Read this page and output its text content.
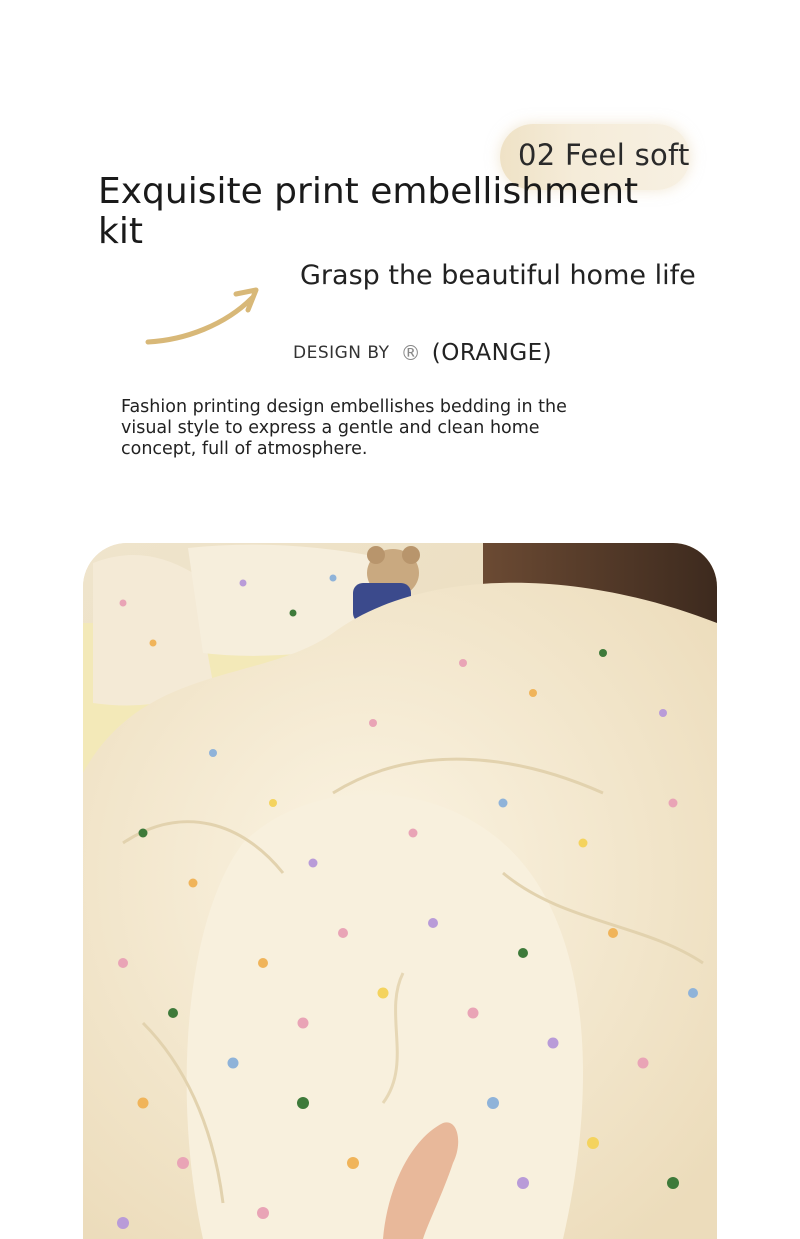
02 Feel soft
Exquisite print embellishment kit
Grasp the beautiful home life
DESIGN BY ® (ORANGE)

Fashion printing design embellishes bedding in the visual style to express a gentle and clean home concept, full of atmosphere.
